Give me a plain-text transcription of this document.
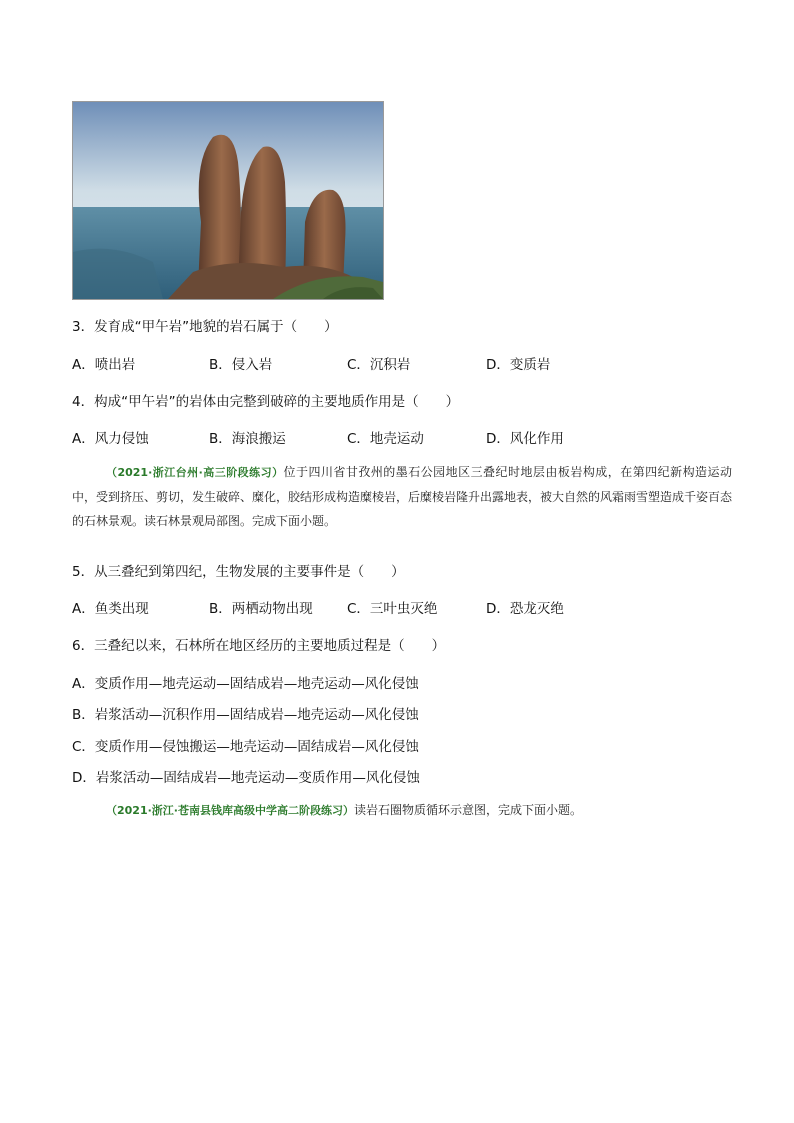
3．发育成“甲午岩”地貌的岩石属于（　　）
A．喷出岩	B．侵入岩	C．沉积岩	D．变质岩
4．构成“甲午岩”的岩体由完整到破碎的主要地质作用是（　　）
A．风力侵蚀	B．海浪搬运	C．地壳运动	D．风化作用
（2021·浙江台州·高三阶段练习）位于四川省甘孜州的墨石公园地区三叠纪时地层由板岩构成，在第四纪新构造运动中，受到挤压、剪切，发生破碎、糜化，胶结形成构造糜棱岩，后糜棱岩隆升出露地表，被大自然的风霜雨雪塑造成千姿百态的石林景观。读石林景观局部图。完成下面小题。
5．从三叠纪到第四纪，生物发展的主要事件是（　　）
A．鱼类出现	B．两栖动物出现	C．三叶虫灭绝	D．恐龙灭绝
6．三叠纪以来，石林所在地区经历的主要地质过程是（　　）
A．变质作用—地壳运动—固结成岩—地壳运动—风化侵蚀
B．岩浆活动—沉积作用—固结成岩—地壳运动—风化侵蚀
C．变质作用—侵蚀搬运—地壳运动—固结成岩—风化侵蚀
D．岩浆活动—固结成岩—地壳运动—变质作用—风化侵蚀
（2021·浙江·苍南县钱库高级中学高二阶段练习）读岩石圈物质循环示意图，完成下面小题。
